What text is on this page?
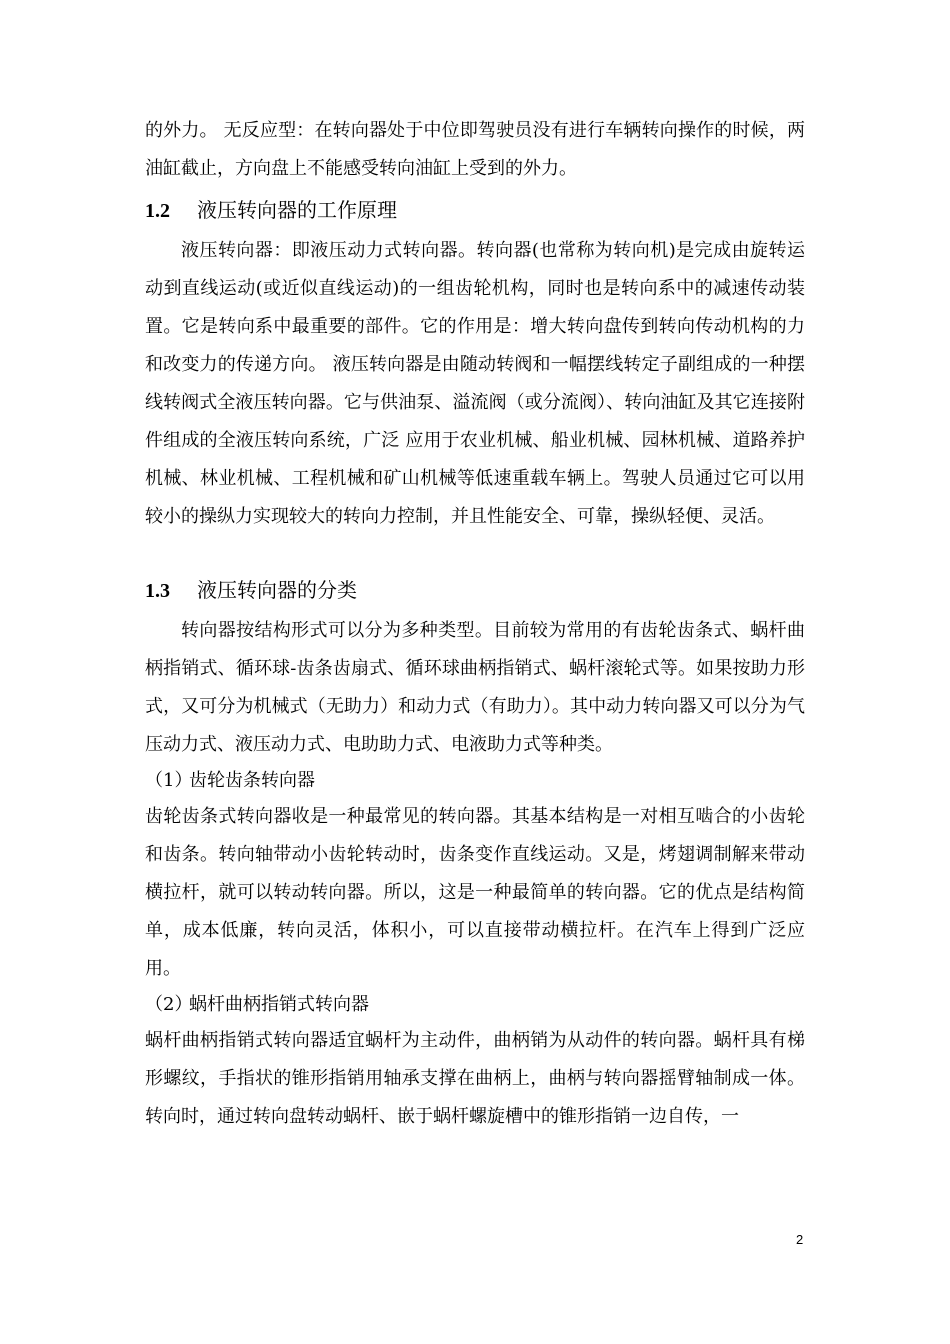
的外力。 无反应型：在转向器处于中位即驾驶员没有进行车辆转向操作的时候，两油缸截止，方向盘上不能感受转向油缸上受到的外力。

1.2 液压转向器的工作原理

液压转向器：即液压动力式转向器。转向器(也常称为转向机)是完成由旋转运动到直线运动(或近似直线运动)的一组齿轮机构，同时也是转向系中的减速传动装置。它是转向系中最重要的部件。它的作用是：增大转向盘传到转向传动机构的力和改变力的传递方向。 液压转向器是由随动转阀和一幅摆线转定子副组成的一种摆线转阀式全液压转向器。它与供油泵、溢流阀（或分流阀）、转向油缸及其它连接附件组成的全液压转向系统，广泛 应用于农业机械、船业机械、园林机械、道路养护机械、林业机械、工程机械和矿山机械等低速重载车辆上。驾驶人员通过它可以用较小的操纵力实现较大的转向力控制，并且性能安全、可靠，操纵轻便、灵活。

1.3 液压转向器的分类

转向器按结构形式可以分为多种类型。目前较为常用的有齿轮齿条式、蜗杆曲柄指销式、循环球-齿条齿扇式、循环球曲柄指销式、蜗杆滚轮式等。如果按助力形式，又可分为机械式（无助力）和动力式（有助力）。其中动力转向器又可以分为气压动力式、液压动力式、电助助力式、电液助力式等种类。

（1）齿轮齿条转向器

齿轮齿条式转向器收是一种最常见的转向器。其基本结构是一对相互啮合的小齿轮和齿条。转向轴带动小齿轮转动时，齿条变作直线运动。又是，烤翅调制解来带动横拉杆，就可以转动转向器。所以，这是一种最简单的转向器。它的优点是结构简单，成本低廉，转向灵活，体积小，可以直接带动横拉杆。在汽车上得到广泛应用。

（2）蜗杆曲柄指销式转向器

蜗杆曲柄指销式转向器适宜蜗杆为主动件，曲柄销为从动件的转向器。蜗杆具有梯形螺纹，手指状的锥形指销用轴承支撑在曲柄上，曲柄与转向器摇臂轴制成一体。转向时，通过转向盘转动蜗杆、嵌于蜗杆螺旋槽中的锥形指销一边自传，一

2
